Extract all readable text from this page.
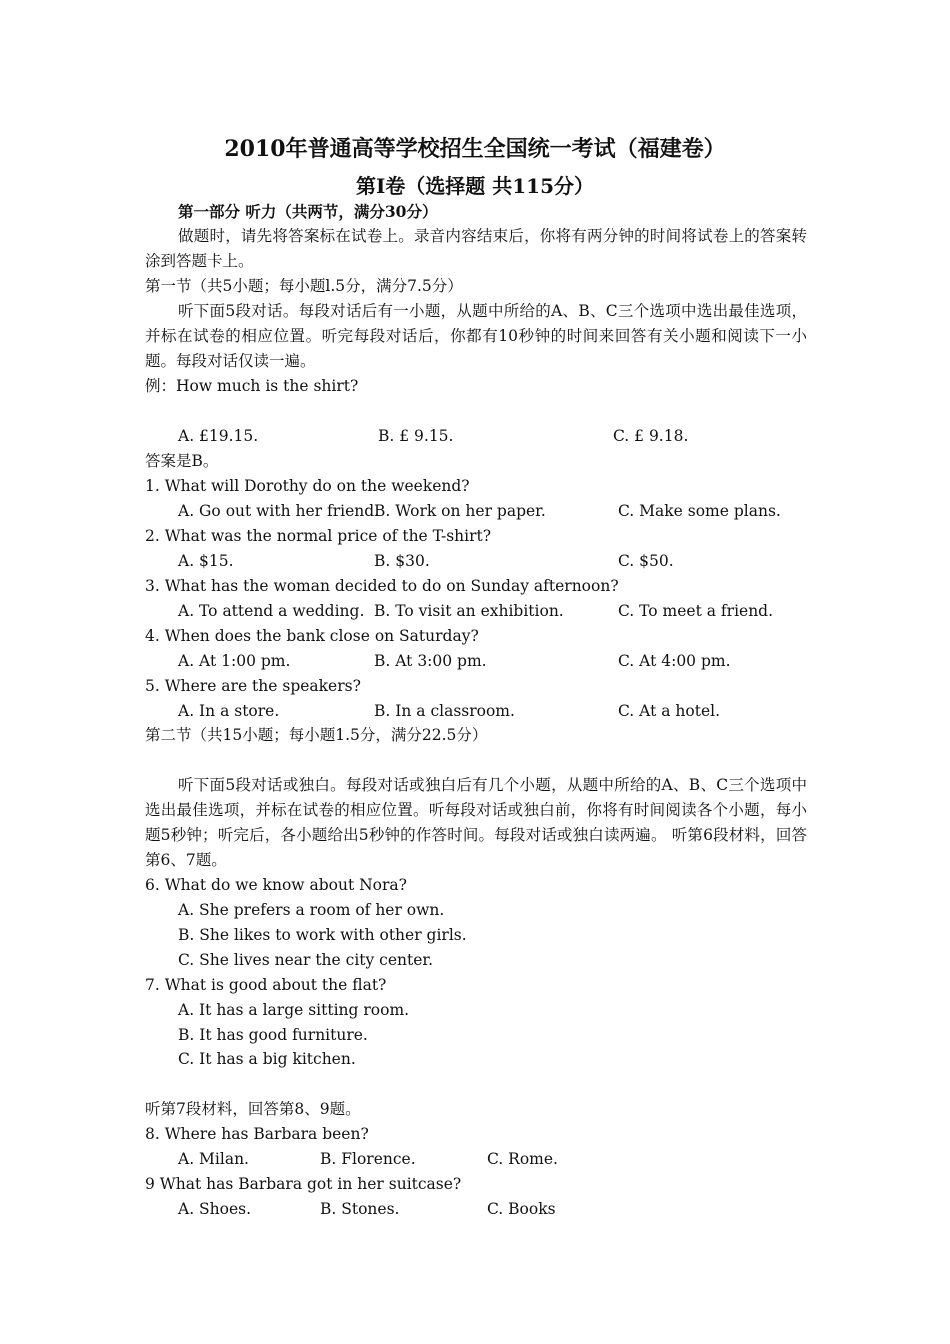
2010年普通高等学校招生全国统一考试（福建卷）
第I卷（选择题 共115分）
第一部分 听力（共两节，满分30分）
做题时，请先将答案标在试卷上。录音内容结束后，你将有两分钟的时间将试卷上的答案转涂到答题卡上。
第一节（共5小题；每小题l.5分，满分7.5分）
听下面5段对话。每段对话后有一小题，从题中所给的A、B、C三个选项中选出最佳选项，并标在试卷的相应位置。听完每段对话后，你都有10秒钟的时间来回答有关小题和阅读下一小题。每段对话仅读一遍。
例：How much is the shirt?
A. £19.15.	B. £ 9.15.	C. £ 9.18.
答案是B。
1. What will Dorothy do on the weekend?
A. Go out with her friend.
B. Work on her paper.	C. Make some plans.
2. What was the normal price of the T-shirt?
A. $15.	B. $30.	C. $50.
3. What has the woman decided to do on Sunday afternoon?
A. To attend a wedding. B. To visit an exhibition.	C. To meet a friend.
4. When does the bank close on Saturday?
A. At 1:00 pm.	B. At 3:00 pm.	C. At 4:00 pm.
5. Where are the speakers?
A. In a store.	B. In a classroom.	C. At a hotel.
第二节（共15小题；每小题1.5分，满分22.5分）
听下面5段对话或独白。每段对话或独白后有几个小题，从题中所给的A、B、C三个选项中选出最佳选项，并标在试卷的相应位置。听每段对话或独白前，你将有时间阅读各个小题，每小题5秒钟；听完后，各小题给出5秒钟的作答时间。每段对话或独白读两遍。 听第6段材料，回答第6、7题。
6. What do we know about Nora?
A. She prefers a room of her own.
B. She likes to work with other girls.
C. She lives near the city center.
7. What is good about the flat?
A. It has a large sitting room.
B. It has good furniture.
C. It has a big kitchen.
听第7段材料，回答第8、9题。
8. Where has Barbara been?
A. Milan.	B. Florence.	C. Rome.
9 What has Barbara got in her suitcase?
A. Shoes.	B. Stones.	C. Books
